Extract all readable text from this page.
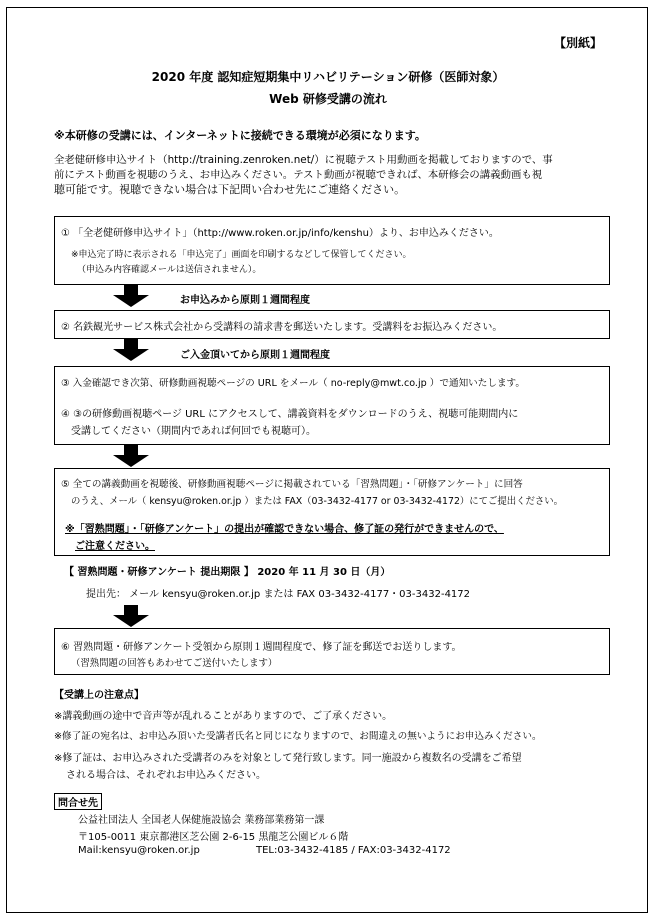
【別紙】
2020 年度 認知症短期集中リハビリテーション研修（医師対象）
Web 研修受講の流れ
※本研修の受講には、インターネットに接続できる環境が必須になります。
全老健研修申込サイト（http://training.zenroken.net/）に視聴テスト用動画を掲載しておりますので、事
前にテスト動画を視聴のうえ、お申込みください。テスト動画が視聴できれば、本研修会の講義動画も視
聴可能です。視聴できない場合は下記問い合わせ先にご連絡ください。
① 「全老健研修申込サイト」（http://www.roken.or.jp/info/kenshu）より、お申込みください。
※申込完了時に表示される「申込完了」画面を印刷するなどして保管してください。
（申込み内容確認メールは送信されません）。
お申込みから原則１週間程度
② 名鉄観光サービス株式会社から受講料の請求書を郵送いたします。受講料をお振込みください。
ご入金頂いてから原則１週間程度
③ 入金確認でき次第、研修動画視聴ページの URL をメール（ no-reply@mwt.co.jp ）で通知いたします。
④ ③の研修動画視聴ページ URL にアクセスして、講義資料をダウンロードのうえ、視聴可能期間内に
受講してください（期間内であれば何回でも視聴可）。
⑤ 全ての講義動画を視聴後、研修動画視聴ページに掲載されている「習熟問題」・「研修アンケート」に回答
のうえ、メール（ kensyu@roken.or.jp ）または FAX（03-3432-4177 or 03-3432-4172）にてご提出ください。
※「習熟問題」・「研修アンケート」の提出が確認できない場合、修了証の発行ができませんので、
ご注意ください。
【 習熟問題・研修アンケート 提出期限 】 2020 年 11 月 30 日（月）
提出先： メール kensyu@roken.or.jp または FAX 03-3432-4177・03-3432-4172
⑥ 習熟問題・研修アンケート受領から原則１週間程度で、修了証を郵送でお送りします。
（習熟問題の回答もあわせてご送付いたします）
【受講上の注意点】
※講義動画の途中で音声等が乱れることがありますので、ご了承ください。
※修了証の宛名は、お申込み頂いた受講者氏名と同じになりますので、お間違えの無いようにお申込みください。
※修了証は、お申込みされた受講者のみを対象として発行致します。同一施設から複数名の受講をご希望
される場合は、それぞれお申込みください。
問合せ先
公益社団法人 全国老人保健施設協会 業務部業務第一課
〒105-0011 東京都港区芝公園 2-6-15 黒龍芝公園ビル６階
Mail:kensyu@roken.or.jp	TEL:03-3432-4185 / FAX:03-3432-4172
